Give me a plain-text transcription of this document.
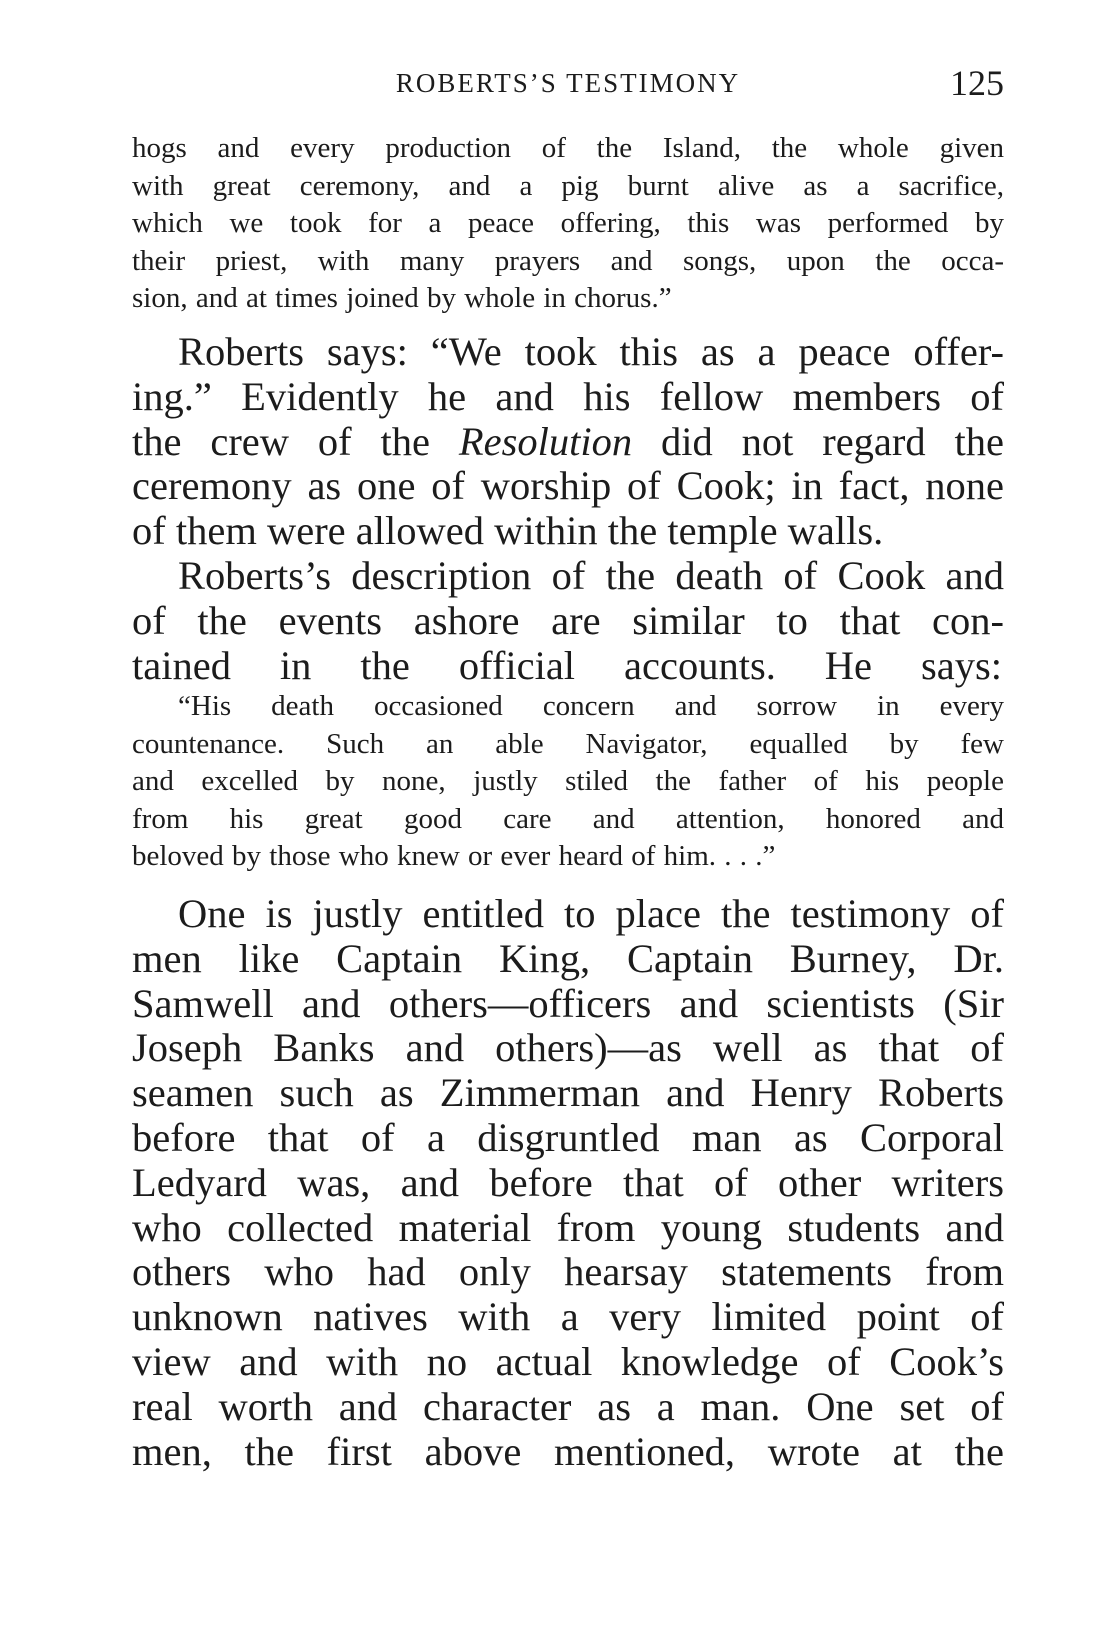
ROBERTS’S TESTIMONY	125

hogs and every production of the Island, the whole given
with great ceremony, and a pig burnt alive as a sacrifice,
which we took for a peace offering, this was performed by
their priest, with many prayers and songs, upon the occa-
sion, and at times joined by whole in chorus.”

Roberts says: “We took this as a peace offer-
ing.” Evidently he and his fellow members of
the crew of the Resolution did not regard the
ceremony as one of worship of Cook; in fact, none
of them were allowed within the temple walls.
Roberts’s description of the death of Cook and
of the events ashore are similar to that con-
tained in the official accounts. He says:

“His death occasioned concern and sorrow in every
countenance. Such an able Navigator, equalled by few
and excelled by none, justly stiled the father of his people
from his great good care and attention, honored and
beloved by those who knew or ever heard of him. . . .”

One is justly entitled to place the testimony of
men like Captain King, Captain Burney, Dr.
Samwell and others—officers and scientists (Sir
Joseph Banks and others)—as well as that of
seamen such as Zimmerman and Henry Roberts
before that of a disgruntled man as Corporal
Ledyard was, and before that of other writers
who collected material from young students and
others who had only hearsay statements from
unknown natives with a very limited point of
view and with no actual knowledge of Cook’s
real worth and character as a man. One set of
men, the first above mentioned, wrote at the
